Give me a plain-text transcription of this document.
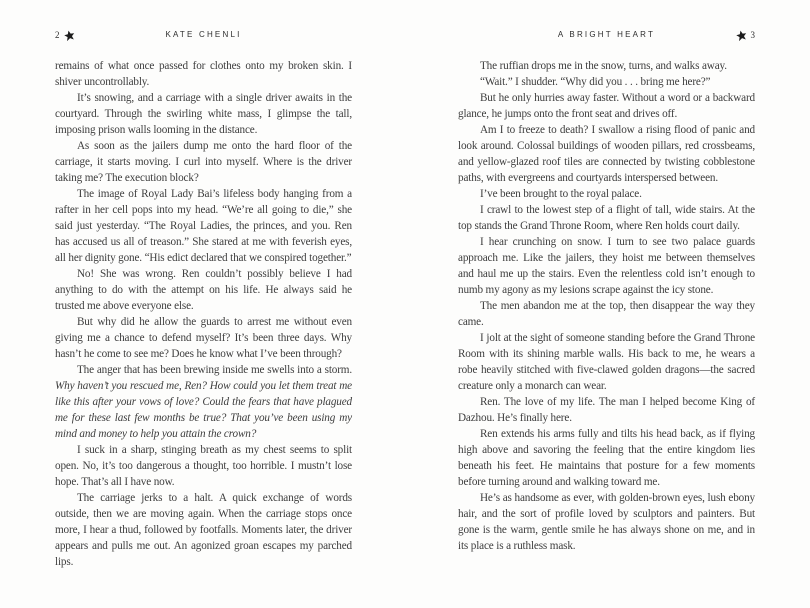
2	KATE CHENLI

remains of what once passed for clothes onto my broken skin. I shiver uncontrollably.

It’s snowing, and a carriage with a single driver awaits in the courtyard. Through the swirling white mass, I glimpse the tall, imposing prison walls looming in the distance.

As soon as the jailers dump me onto the hard floor of the carriage, it starts moving. I curl into myself. Where is the driver taking me? The execution block?

The image of Royal Lady Bai’s lifeless body hanging from a rafter in her cell pops into my head. “We’re all going to die,” she said just yesterday. “The Royal Ladies, the princes, and you. Ren has accused us all of treason.” She stared at me with feverish eyes, all her dignity gone. “His edict declared that we conspired together.”

No! She was wrong. Ren couldn’t possibly believe I had anything to do with the attempt on his life. He always said he trusted me above everyone else.

But why did he allow the guards to arrest me without even giving me a chance to defend myself? It’s been three days. Why hasn’t he come to see me? Does he know what I’ve been through?

The anger that has been brewing inside me swells into a storm. Why haven’t you rescued me, Ren? How could you let them treat me like this after your vows of love? Could the fears that have plagued me for these last few months be true? That you’ve been using my mind and money to help you attain the crown?

I suck in a sharp, stinging breath as my chest seems to split open. No, it’s too dangerous a thought, too horrible. I mustn’t lose hope. That’s all I have now.

The carriage jerks to a halt. A quick exchange of words outside, then we are moving again. When the carriage stops once more, I hear a thud, followed by footfalls. Moments later, the driver appears and pulls me out. An agonized groan escapes my parched lips.

A BRIGHT HEART	3

The ruffian drops me in the snow, turns, and walks away.

“Wait.” I shudder. “Why did you . . . bring me here?”

But he only hurries away faster. Without a word or a backward glance, he jumps onto the front seat and drives off.

Am I to freeze to death? I swallow a rising flood of panic and look around. Colossal buildings of wooden pillars, red crossbeams, and yellow-glazed roof tiles are connected by twisting cobblestone paths, with evergreens and courtyards interspersed between.

I’ve been brought to the royal palace.

I crawl to the lowest step of a flight of tall, wide stairs. At the top stands the Grand Throne Room, where Ren holds court daily.

I hear crunching on snow. I turn to see two palace guards approach me. Like the jailers, they hoist me between themselves and haul me up the stairs. Even the relentless cold isn’t enough to numb my agony as my lesions scrape against the icy stone.

The men abandon me at the top, then disappear the way they came.

I jolt at the sight of someone standing before the Grand Throne Room with its shining marble walls. His back to me, he wears a robe heavily stitched with five-clawed golden dragons—the sacred creature only a monarch can wear.

Ren. The love of my life. The man I helped become King of Dazhou. He’s finally here.

Ren extends his arms fully and tilts his head back, as if flying high above and savoring the feeling that the entire kingdom lies beneath his feet. He maintains that posture for a few moments before turning around and walking toward me.

He’s as handsome as ever, with golden-brown eyes, lush ebony hair, and the sort of profile loved by sculptors and painters. But gone is the warm, gentle smile he has always shone on me, and in its place is a ruthless mask.
